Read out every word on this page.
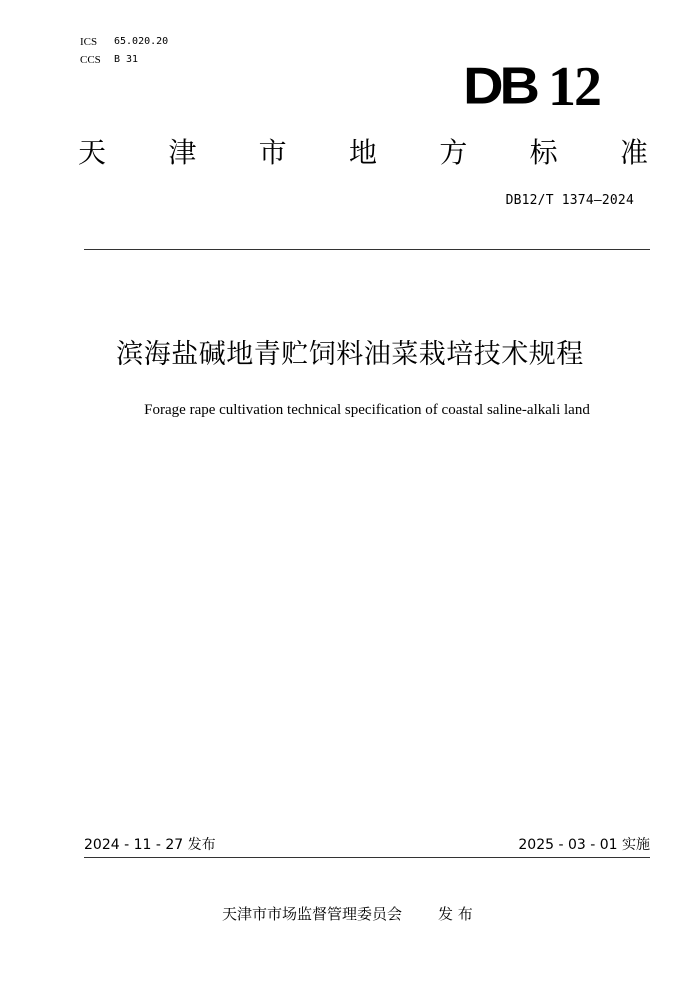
ICS	65.020.20
CCS	B 31	DB 12
天 津 市 地 方 标 准
DB12/T 1374—2024
滨海盐碱地青贮饲料油菜栽培技术规程
Forage rape cultivation technical specification of coastal saline-alkali land
2024 - 11 - 27 发布	2025 - 03 - 01 实施
天津市市场监督管理委员会 发 布
